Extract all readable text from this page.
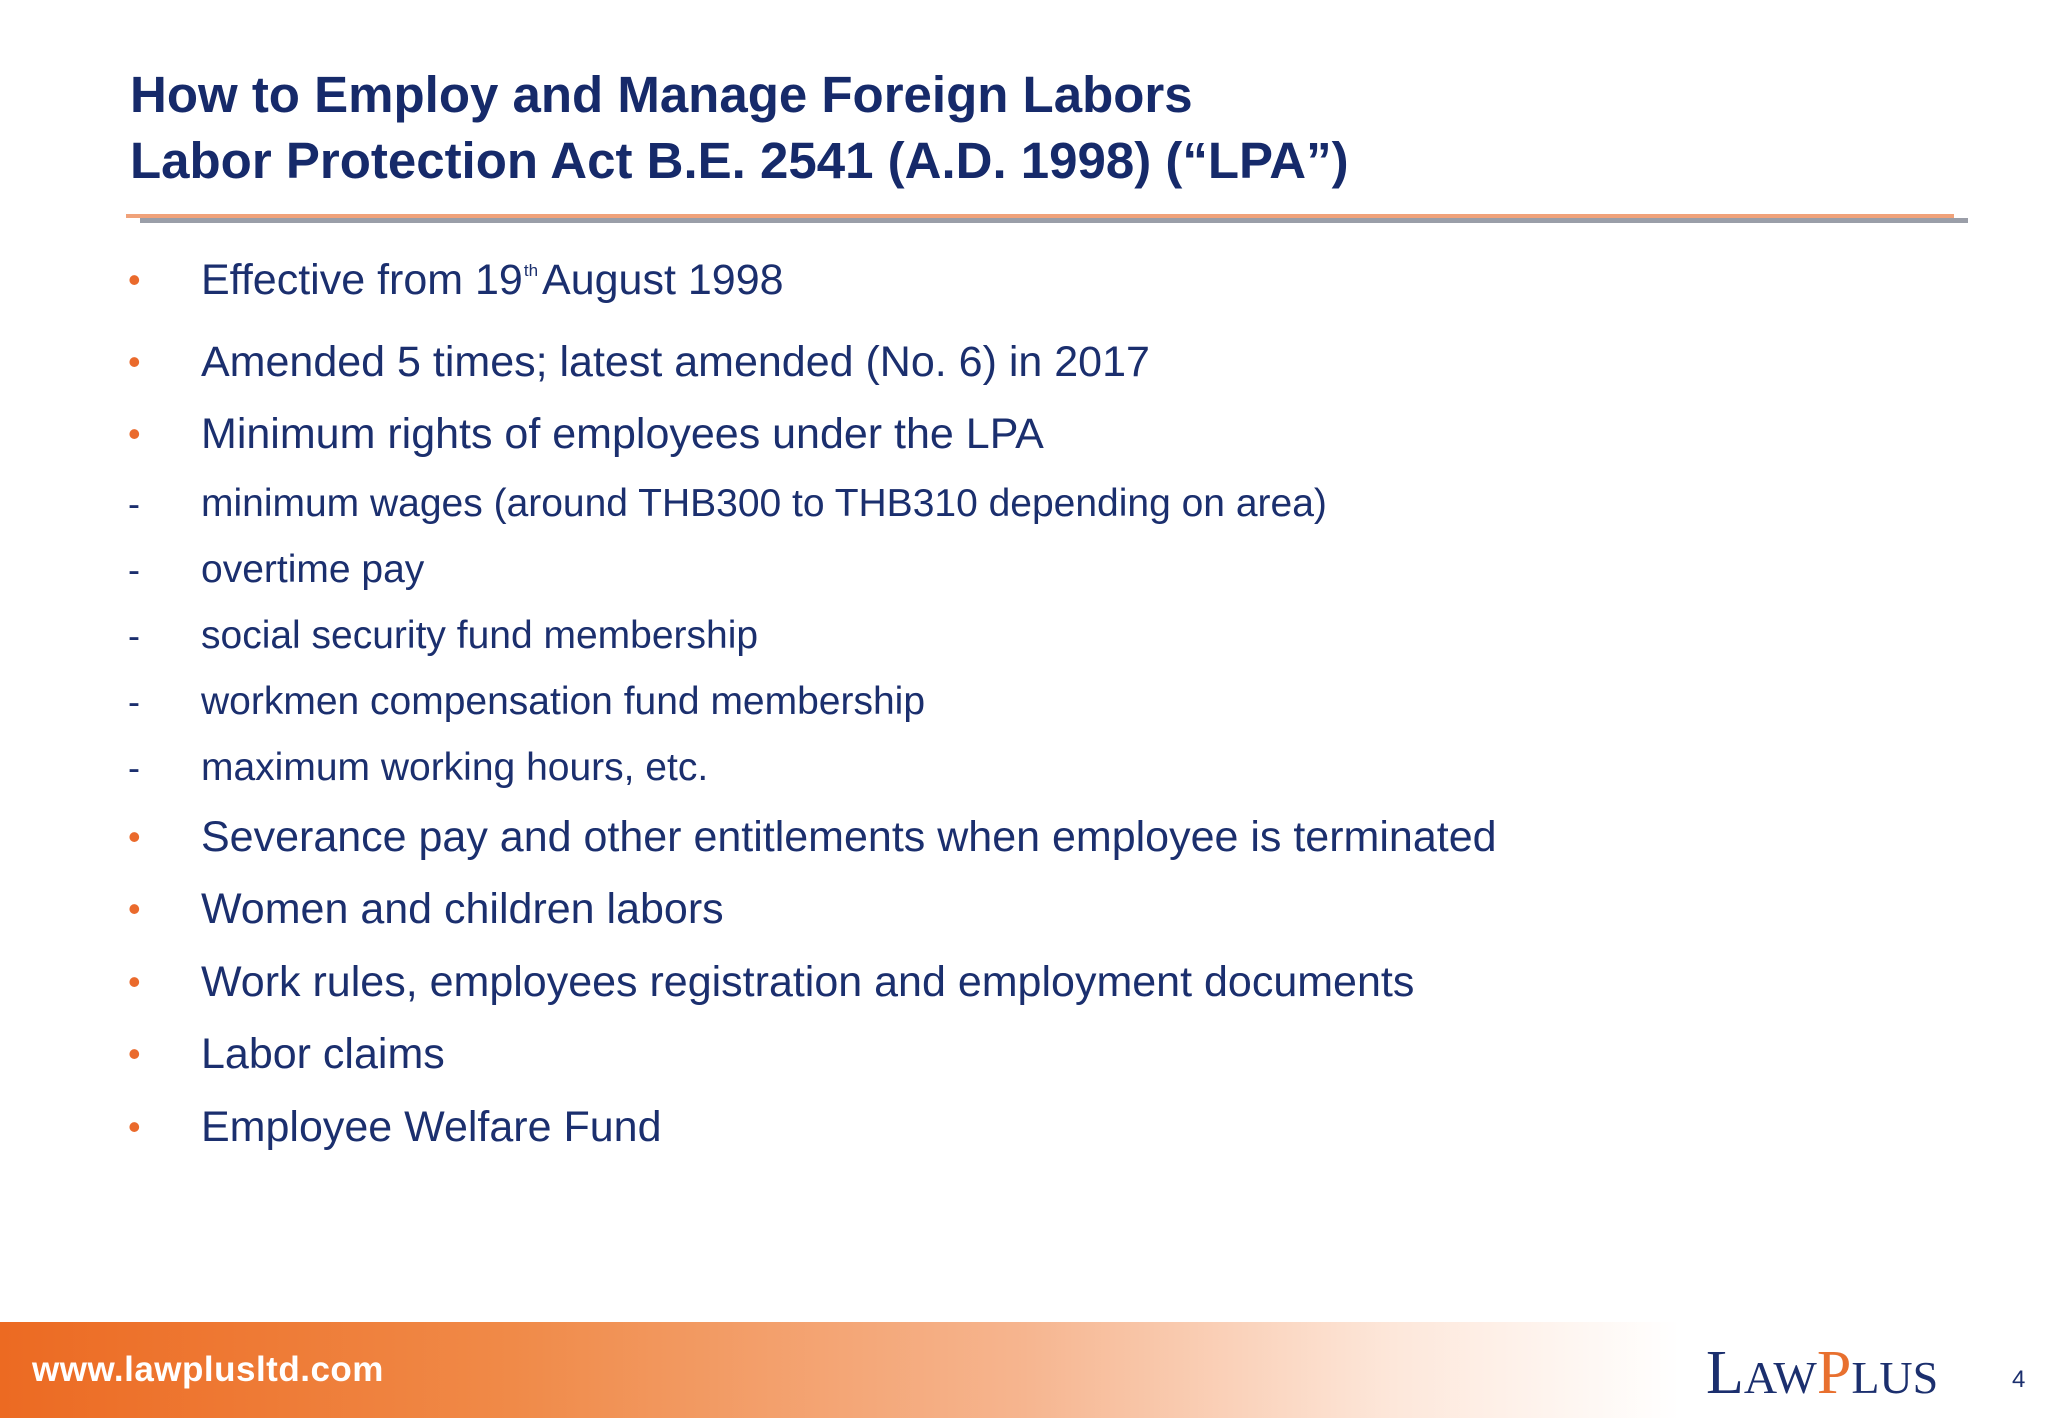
How to Employ and Manage Foreign Labors
Labor Protection Act B.E. 2541 (A.D. 1998) (“LPA”)
• Effective from 19thAugust 1998
• Amended 5 times; latest amended (No. 6) in 2017
• Minimum rights of employees under the LPA
- minimum wages (around THB300 to THB310 depending on area)
- overtime pay
- social security fund membership
- workmen compensation fund membership
- maximum working hours, etc.
• Severance pay and other entitlements when employee is terminated
• Women and children labors
• Work rules, employees registration and employment documents
• Labor claims
• Employee Welfare Fund
www.lawplusltd.com	LAWPLUS	4
